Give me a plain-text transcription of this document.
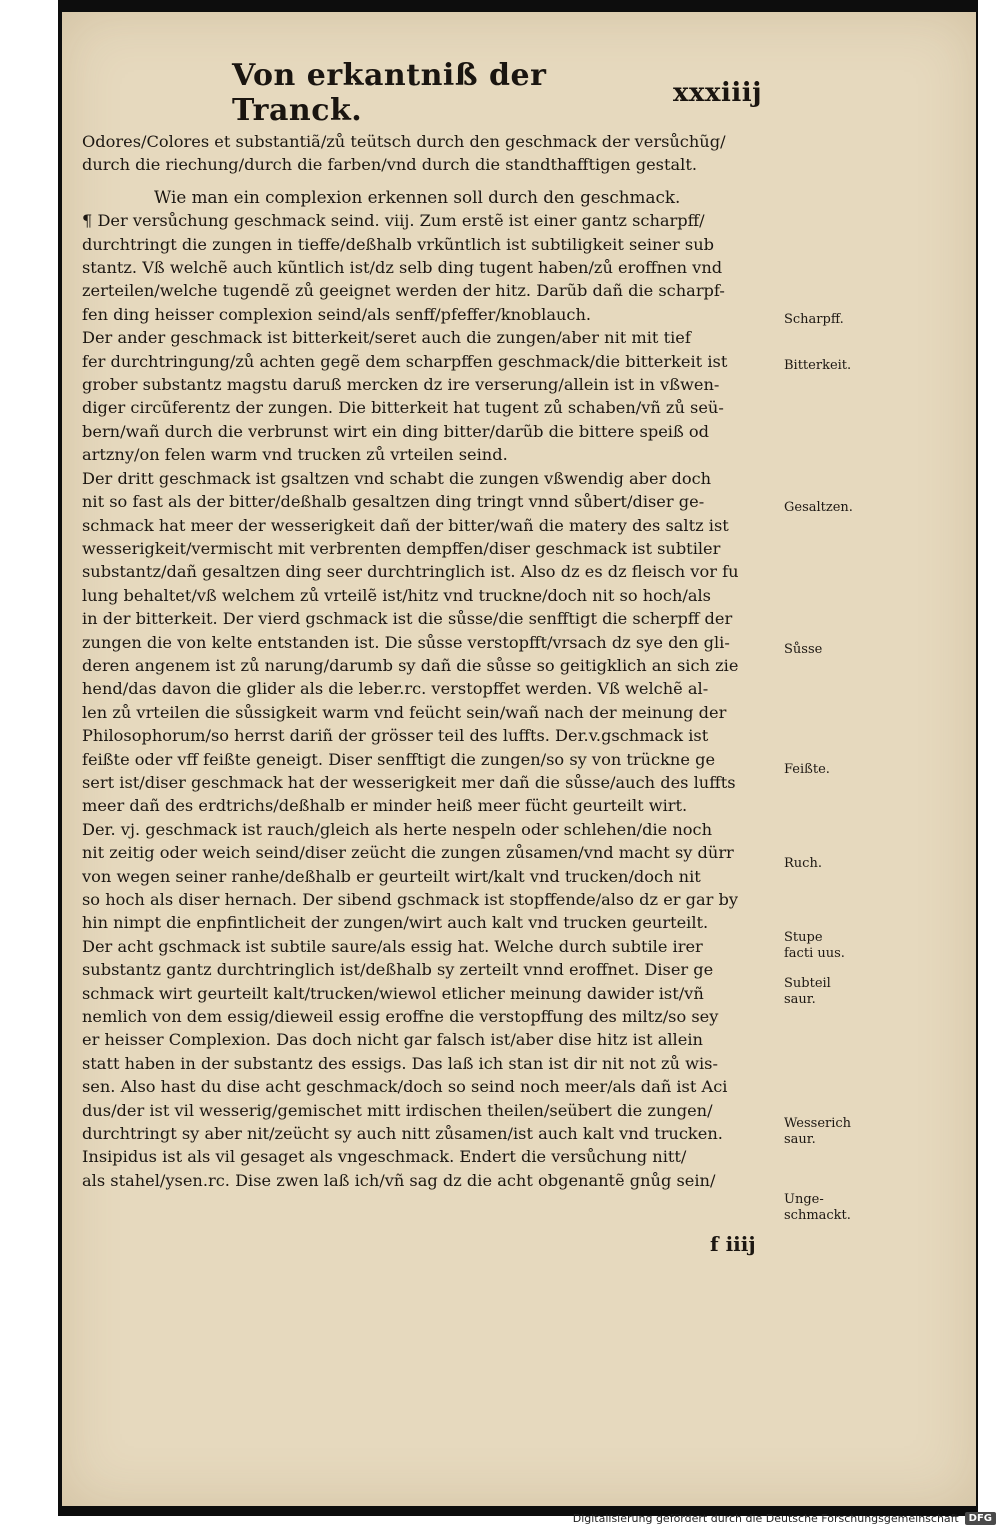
Von erkantniß der Tranck.	xxxiiij
Odores/Colores et substantiã/zů teütsch durch den geschmack der versůchũg/
durch die riechung/durch die farben/vnd durch die standthafftigen gestalt.
Wie man ein complexion erkennen soll durch den geschmack.
¶ Der versůchung geschmack seind. viij. Zum erstẽ ist einer gantz scharpff/
durchtringt die zungen in tieffe/deßhalb vrkũntlich ist subtiligkeit seiner sub
stantz. Vß welchẽ auch kũntlich ist/dz selb ding tugent haben/zů eroffnen vnd
zerteilen/welche tugendẽ zů geeignet werden der hitz. Darũb dañ die scharpf-
fen ding heisser complexion seind/als senff/pfeffer/knoblauch.
Der ander geschmack ist bitterkeit/seret auch die zungen/aber nit mit tief
fer durchtringung/zů achten gegẽ dem scharpffen geschmack/die bitterkeit ist
grober substantz magstu daruß mercken dz ire verserung/allein ist in vßwen-
diger circũferentz der zungen. Die bitterkeit hat tugent zů schaben/vñ zů seü-
bern/wañ durch die verbrunst wirt ein ding bitter/darũb die bittere speiß od
artzny/on felen warm vnd trucken zů vrteilen seind.
Der dritt geschmack ist gsaltzen vnd schabt die zungen vßwendig aber doch
nit so fast als der bitter/deßhalb gesaltzen ding tringt vnnd sůbert/diser ge-
schmack hat meer der wesserigkeit dañ der bitter/wañ die matery des saltz ist
wesserigkeit/vermischt mit verbrenten dempffen/diser geschmack ist subtiler
substantz/dañ gesaltzen ding seer durchtringlich ist. Also dz es dz fleisch vor fu
lung behaltet/vß welchem zů vrteilẽ ist/hitz vnd truckne/doch nit so hoch/als
in der bitterkeit. Der vierd gschmack ist die sůsse/die senfftigt die scherpff der
zungen die von kelte entstanden ist. Die sůsse verstopfft/vrsach dz sye den gli-
deren angenem ist zů narung/darumb sy dañ die sůsse so geitigklich an sich zie
hend/das davon die glider als die leber.rc. verstopffet werden. Vß welchẽ al-
len zů vrteilen die sůssigkeit warm vnd feücht sein/wañ nach der meinung der
Philosophorum/so herrst dariñ der grösser teil des luffts. Der.v.gschmack ist
feißte oder vff feißte geneigt. Diser senfftigt die zungen/so sy von trückne ge
sert ist/diser geschmack hat der wesserigkeit mer dañ die sůsse/auch des luffts
meer dañ des erdtrichs/deßhalb er minder heiß meer fücht geurteilt wirt.
Der. vj. geschmack ist rauch/gleich als herte nespeln oder schlehen/die noch
nit zeitig oder weich seind/diser zeücht die zungen zůsamen/vnd macht sy dürr
von wegen seiner ranhe/deßhalb er geurteilt wirt/kalt vnd trucken/doch nit
so hoch als diser hernach. Der sibend gschmack ist stopffende/also dz er gar by
hin nimpt die enpfintlicheit der zungen/wirt auch kalt vnd trucken geurteilt.
Der acht gschmack ist subtile saure/als essig hat. Welche durch subtile irer
substantz gantz durchtringlich ist/deßhalb sy zerteilt vnnd eroffnet. Diser ge
schmack wirt geurteilt kalt/trucken/wiewol etlicher meinung dawider ist/vñ
nemlich von dem essig/dieweil essig eroffne die verstopffung des miltz/so sey
er heisser Complexion. Das doch nicht gar falsch ist/aber dise hitz ist allein
statt haben in der substantz des essigs. Das laß ich stan ist dir nit not zů wis-
sen. Also hast du dise acht geschmack/doch so seind noch meer/als dañ ist Aci
dus/der ist vil wesserig/gemischet mitt irdischen theilen/seübert die zungen/
durchtringt sy aber nit/zeücht sy auch nitt zůsamen/ist auch kalt vnd trucken.
Insipidus ist als vil gesaget als vngeschmack. Endert die versůchung nitt/
als stahel/ysen.rc. Dise zwen laß ich/vñ sag dz die acht obgenantẽ gnůg sein/
Scharpff.
Bitterkeit.
Gesaltzen.
Sůsse
Feißte.
Ruch.
Stupe facti uus.
Subteil saur.
Wesserich saur.
Unge- schmackt.
f iiij
Digitalisierung gefördert durch die Deutsche Forschungsgemeinschaft	DFG
